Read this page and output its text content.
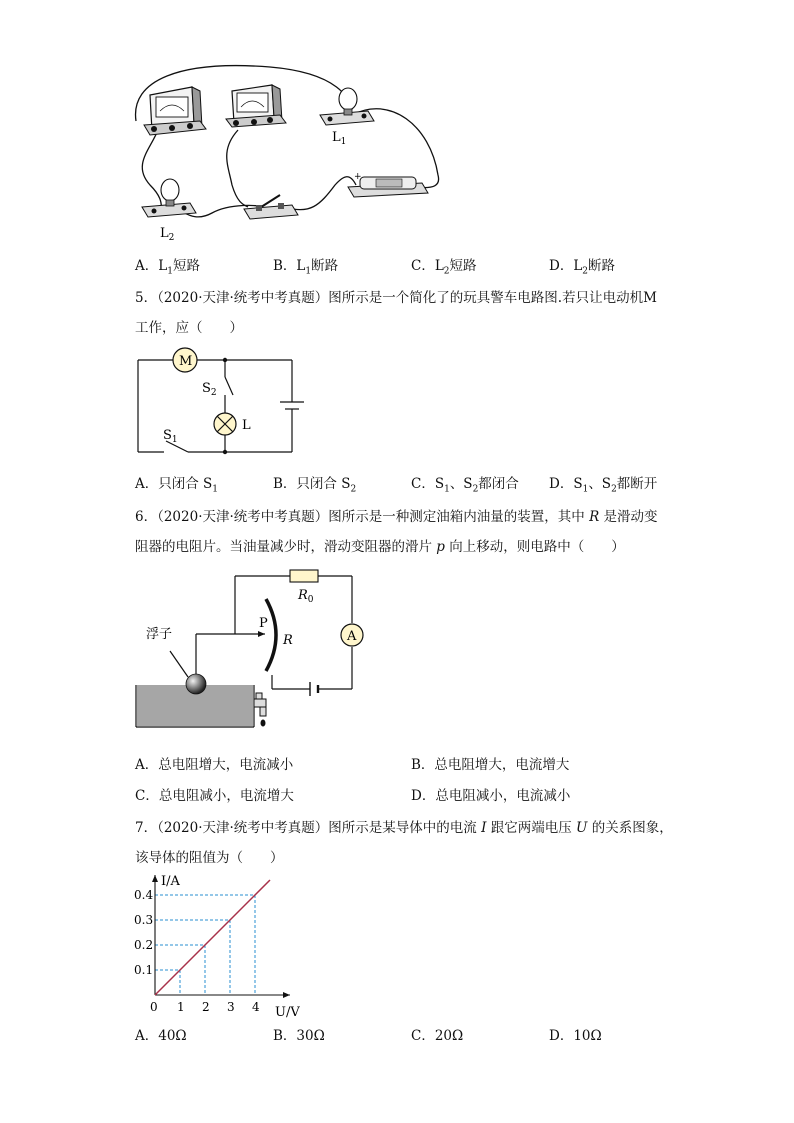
+
$L_1$
$L_2$
A．$L_1$短路	B．$L_1$断路	C．$L_2$短路	D．$L_2$断路
5．（2020·天津·统考中考真题）图所示是一个简化了的玩具警车电路图.若只让电动机M
工作，应（　　）
M
$S_2$
L
$S_1$
A．只闭合 $S_1$	B．只闭合 $S_2$	C．$S_1$、$S_2$都闭合 D．$S_1$、$S_2$都断开
6．（2020·天津·统考中考真题）图所示是一种测定油箱内油量的装置，其中 R 是滑动变
阻器的电阻片。当油量减少时，滑动变阻器的滑片 p 向上移动，则电路中（　　）
浮子
P
R
$R_0$
A
A．总电阻增大，电流减小	B．总电阻增大，电流增大
C．总电阻减小，电流增大	D．总电阻减小，电流减小
7．（2020·天津·统考中考真题）图所示是某导体中的电流 I 跟它两端电压 U 的关系图象，
该导体的阻值为（　　）
0 1 2 3 4
0.1
0.2
0.3
0.4
I/A
U/V
A．40Ω	B．30Ω	C．20Ω	D．10Ω
